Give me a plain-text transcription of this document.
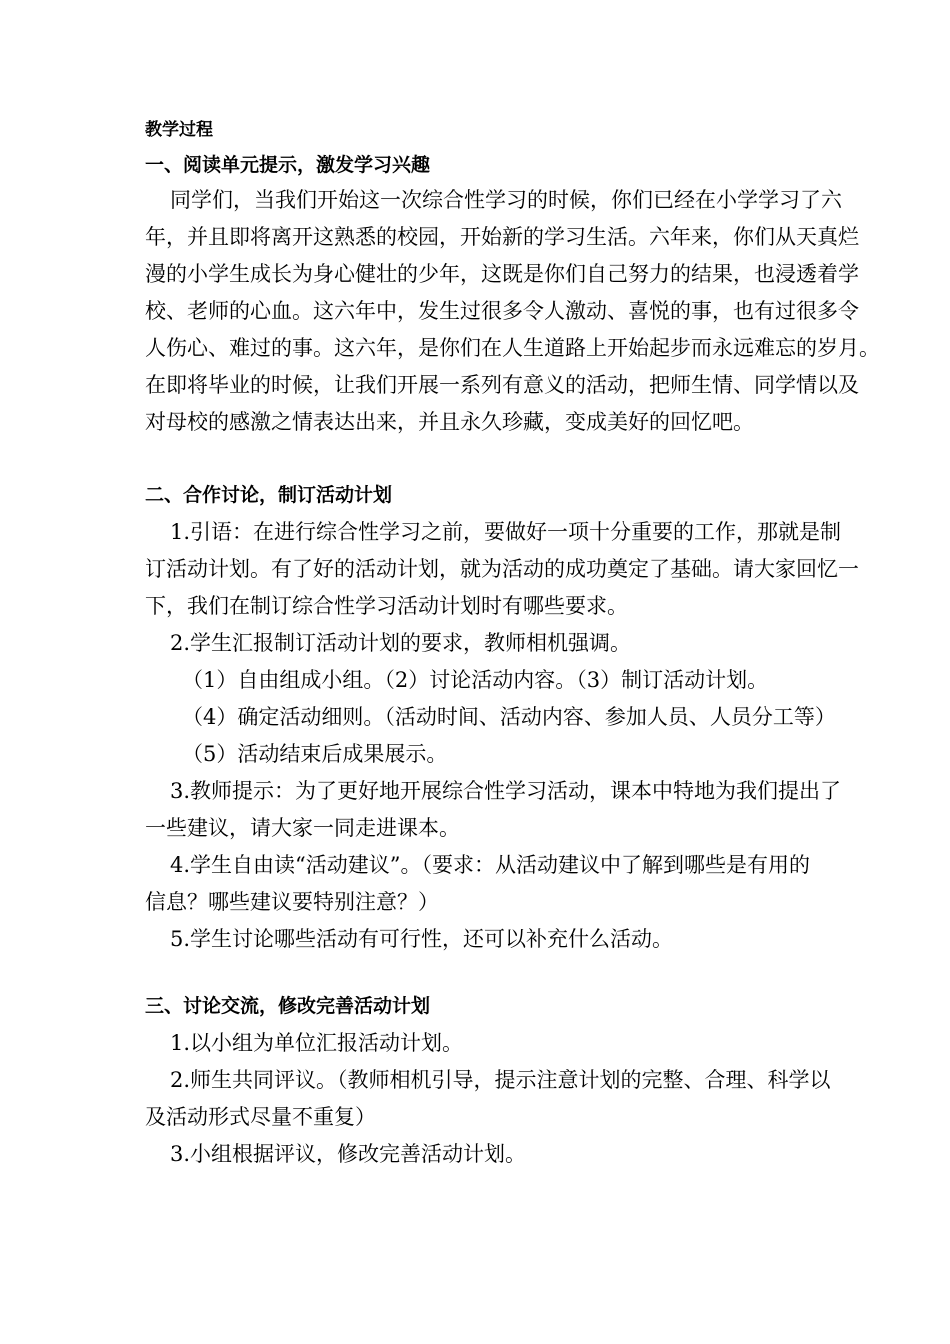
教学过程
一、阅读单元提示，激发学习兴趣
同学们，当我们开始这一次综合性学习的时候，你们已经在小学学习了六
年，并且即将离开这熟悉的校园，开始新的学习生活。六年来，你们从天真烂
漫的小学生成长为身心健壮的少年，这既是你们自己努力的结果，也浸透着学
校、老师的心血。这六年中，发生过很多令人激动、喜悦的事，也有过很多令
人伤心、难过的事。这六年，是你们在人生道路上开始起步而永远难忘的岁月。
在即将毕业的时候，让我们开展一系列有意义的活动，把师生情、同学情以及
对母校的感激之情表达出来，并且永久珍藏，变成美好的回忆吧。
二、合作讨论，制订活动计划
1.引语：在进行综合性学习之前，要做好一项十分重要的工作，那就是制
订活动计划。有了好的活动计划，就为活动的成功奠定了基础。请大家回忆一
下，我们在制订综合性学习活动计划时有哪些要求。
2.学生汇报制订活动计划的要求，教师相机强调。
（1）自由组成小组。（2）讨论活动内容。（3）制订活动计划。
（4）确定活动细则。（活动时间、活动内容、参加人员、人员分工等）
（5）活动结束后成果展示。
3.教师提示：为了更好地开展综合性学习活动，课本中特地为我们提出了
一些建议，请大家一同走进课本。
4.学生自由读“活动建议”。（要求：从活动建议中了解到哪些是有用的
信息？哪些建议要特别注意？）
5.学生讨论哪些活动有可行性，还可以补充什么活动。
三、讨论交流，修改完善活动计划
1.以小组为单位汇报活动计划。
2.师生共同评议。（教师相机引导，提示注意计划的完整、合理、科学以
及活动形式尽量不重复）
3.小组根据评议，修改完善活动计划。
